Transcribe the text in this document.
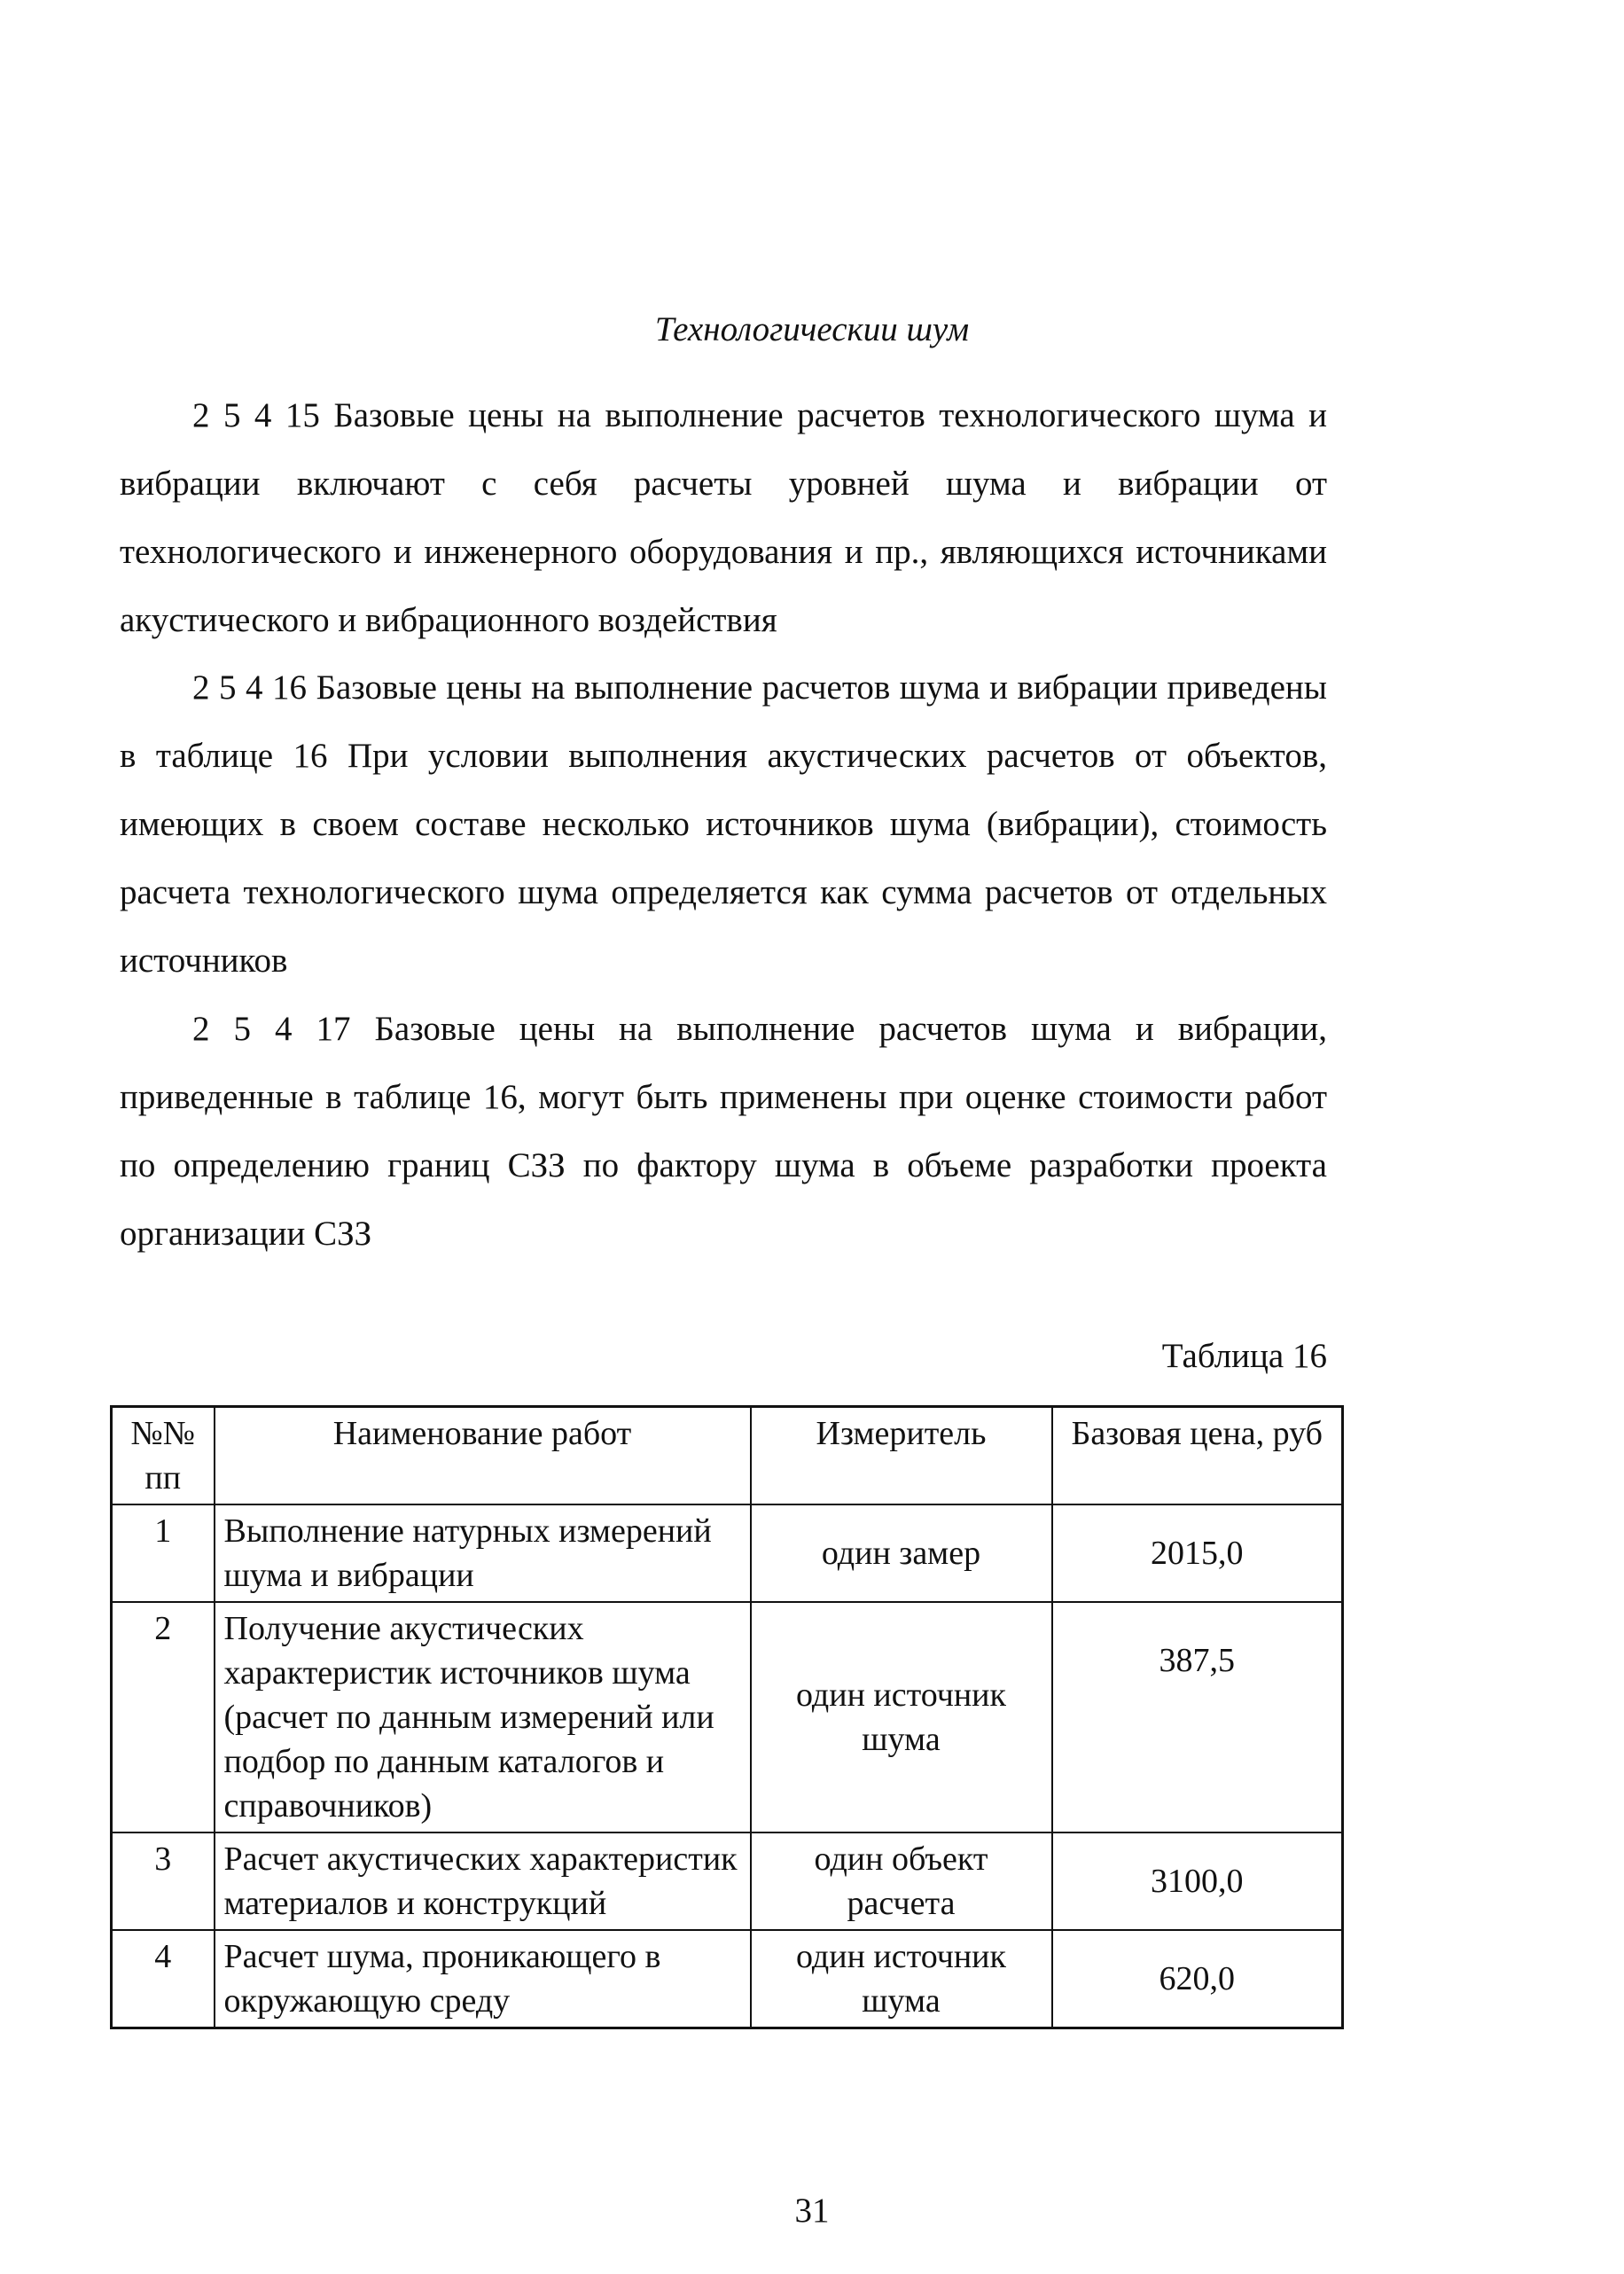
Технологическии шум

2 5 4 15 Базовые цены на выполнение расчетов технологического шума и вибрации включают с себя расчеты уровней шума и вибрации от технологического и инженерного оборудования и пр., являющихся источниками акустического и вибрационного воздействия

2 5 4 16 Базовые цены на выполнение расчетов шума и вибрации приведены в таблице 16 При условии выполнения акустических расчетов от объектов, имеющих в своем составе несколько источников шума (вибрации), стоимость расчета технологического шума определяется как сумма расчетов от отдельных источников

2 5 4 17 Базовые цены на выполнение расчетов шума и вибрации, приведенные в таблице 16, могут быть применены при оценке стоимости работ по определению границ СЗЗ по фактору шума в объеме разработки проекта организации СЗЗ

Таблица 16

№№ пп	Наименование работ	Измеритель	Базовая цена, руб
1	Выполнение натурных измерений шума и вибрации	один замер	2015,0
2	Получение акустических характеристик источников шума (расчет по данным измерений или подбор по данным каталогов и справочников)	один источник шума	387,5
3	Расчет акустических характеристик материалов и конструкций	один объект расчета	3100,0
4	Расчет шума, проникающего в окружающую среду	один источник шума	620,0

31
